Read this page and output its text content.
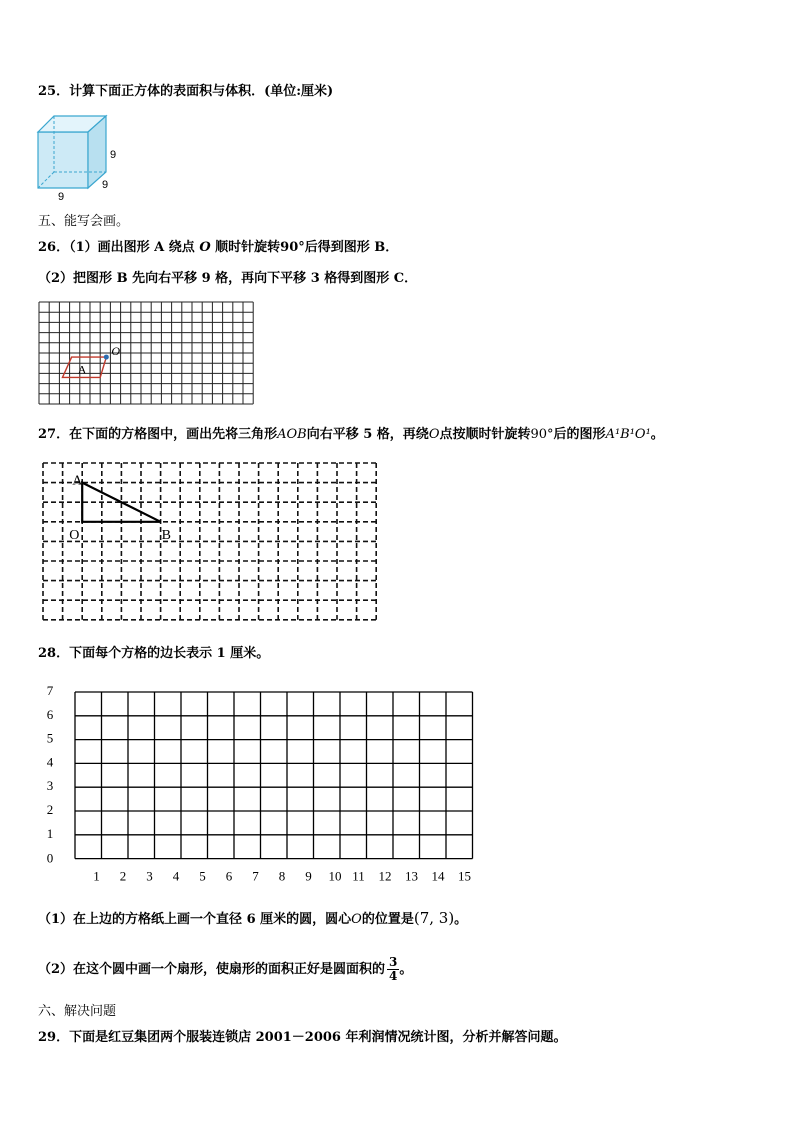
25．计算下面正方体的表面积与体积．(单位:厘米)
9
9
9
五、能写会画。
26．（1）画出图形 A 绕点 O 顺时针旋转90°后得到图形 B．
（2）把图形 B 先向右平移 9 格，再向下平移 3 格得到图形 C．
A
O
27．在下面的方格图中，画出先将三角形AOB向右平移 5 格，再绕O点按顺时针旋转90°后的图形A¹B¹O¹。
A
O	B
28．下面每个方格的边长表示 1 厘米。
7
6
5
4
3
2
1
0
1 2 3 4 5 6 7 8 9 10 11 12 13 14 15
（1）在上边的方格纸上画一个直径 6 厘米的圆，圆心O的位置是(7, 3)。
（2）在这个圆中画一个扇形，使扇形的面积正好是圆面积的 $\frac{3}{4}$ 。
六、解决问题
29．下面是红豆集团两个服装连锁店 2001－2006 年利润情况统计图，分析并解答问题。
